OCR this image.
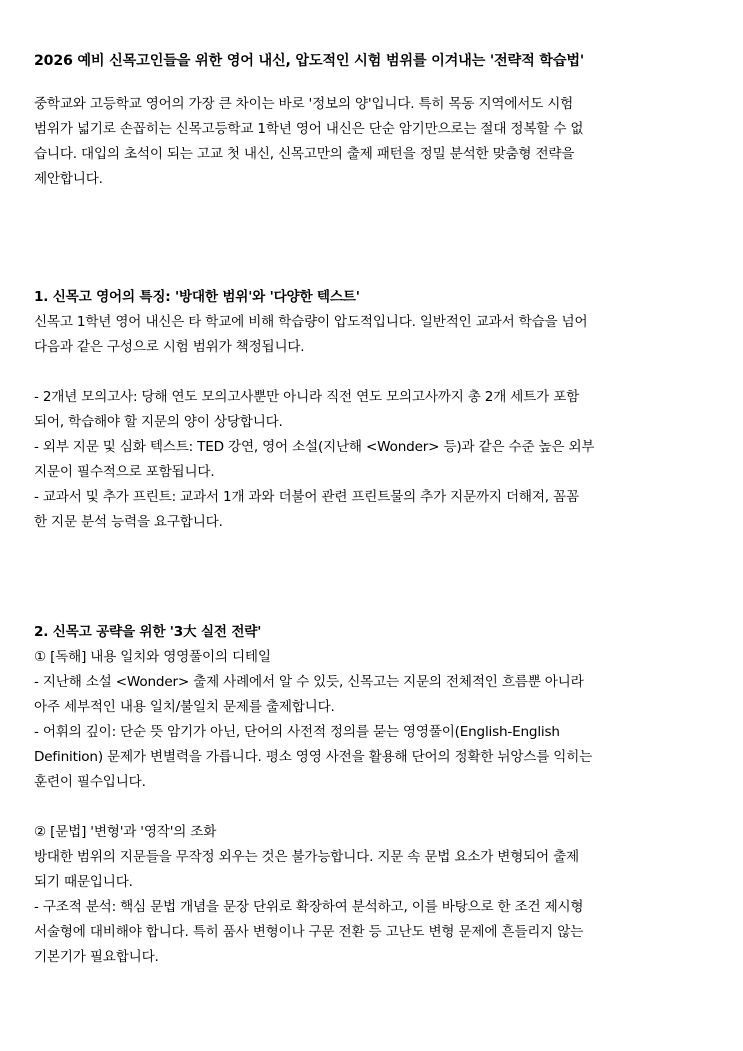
2026 예비 신목고인들을 위한 영어 내신, 압도적인 시험 범위를 이겨내는 '전략적 학습법'
중학교와 고등학교 영어의 가장 큰 차이는 바로 '정보의 양'입니다. 특히 목동 지역에서도 시험
범위가 넓기로 손꼽히는 신목고등학교 1학년 영어 내신은 단순 암기만으로는 절대 정복할 수 없
습니다. 대입의 초석이 되는 고교 첫 내신, 신목고만의 출제 패턴을 정밀 분석한 맞춤형 전략을
제안합니다.
1. 신목고 영어의 특징: '방대한 범위'와 '다양한 텍스트'
신목고 1학년 영어 내신은 타 학교에 비해 학습량이 압도적입니다. 일반적인 교과서 학습을 넘어
다음과 같은 구성으로 시험 범위가 책정됩니다.

- 2개년 모의고사: 당해 연도 모의고사뿐만 아니라 직전 연도 모의고사까지 총 2개 세트가 포함
되어, 학습해야 할 지문의 양이 상당합니다.
- 외부 지문 및 심화 텍스트: TED 강연, 영어 소설(지난해 <Wonder> 등)과 같은 수준 높은 외부
지문이 필수적으로 포함됩니다.
- 교과서 및 추가 프린트: 교과서 1개 과와 더불어 관련 프린트물의 추가 지문까지 더해져, 꼼꼼
한 지문 분석 능력을 요구합니다.
2. 신목고 공략을 위한 '3大 실전 전략'
① [독해] 내용 일치와 영영풀이의 디테일
- 지난해 소설 <Wonder> 출제 사례에서 알 수 있듯, 신목고는 지문의 전체적인 흐름뿐 아니라
아주 세부적인 내용 일치/불일치 문제를 출제합니다.
- 어휘의 깊이: 단순 뜻 암기가 아닌, 단어의 사전적 정의를 묻는 영영풀이(English-English
Definition) 문제가 변별력을 가릅니다. 평소 영영 사전을 활용해 단어의 정확한 뉘앙스를 익히는
훈련이 필수입니다.

② [문법] '변형'과 '영작'의 조화
방대한 범위의 지문들을 무작정 외우는 것은 불가능합니다. 지문 속 문법 요소가 변형되어 출제
되기 때문입니다.
- 구조적 분석: 핵심 문법 개념을 문장 단위로 확장하여 분석하고, 이를 바탕으로 한 조건 제시형
서술형에 대비해야 합니다. 특히 품사 변형이나 구문 전환 등 고난도 변형 문제에 흔들리지 않는
기본기가 필요합니다.
